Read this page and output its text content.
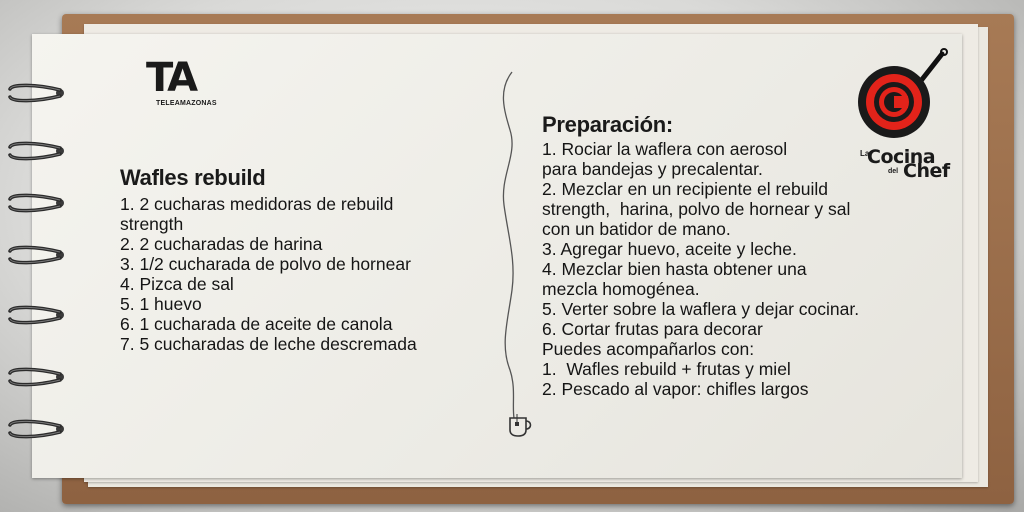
TA
TELEAMAZONAS
Wafles rebuild
1. 2 cucharas medidoras de rebuild
strength
2. 2 cucharadas de harina
3. 1/2 cucharada de polvo de hornear
4. Pizca de sal
5. 1 huevo
6. 1 cucharada de aceite de canola
7. 5 cucharadas de leche descremada
Preparación:
1. Rociar la waflera con aerosol
para bandejas y precalentar.
2. Mezclar en un recipiente el rebuild
strength,  harina, polvo de hornear y sal
con un batidor de mano.
3. Agregar huevo, aceite y leche.
4. Mezclar bien hasta obtener una
mezcla homogénea.
5. Verter sobre la waflera y dejar cocinar.
6. Cortar frutas para decorar
Puedes acompañarlos con:
1.  Wafles rebuild + frutas y miel
2. Pescado al vapor: chifles largos
La
Cocina
del Chef
